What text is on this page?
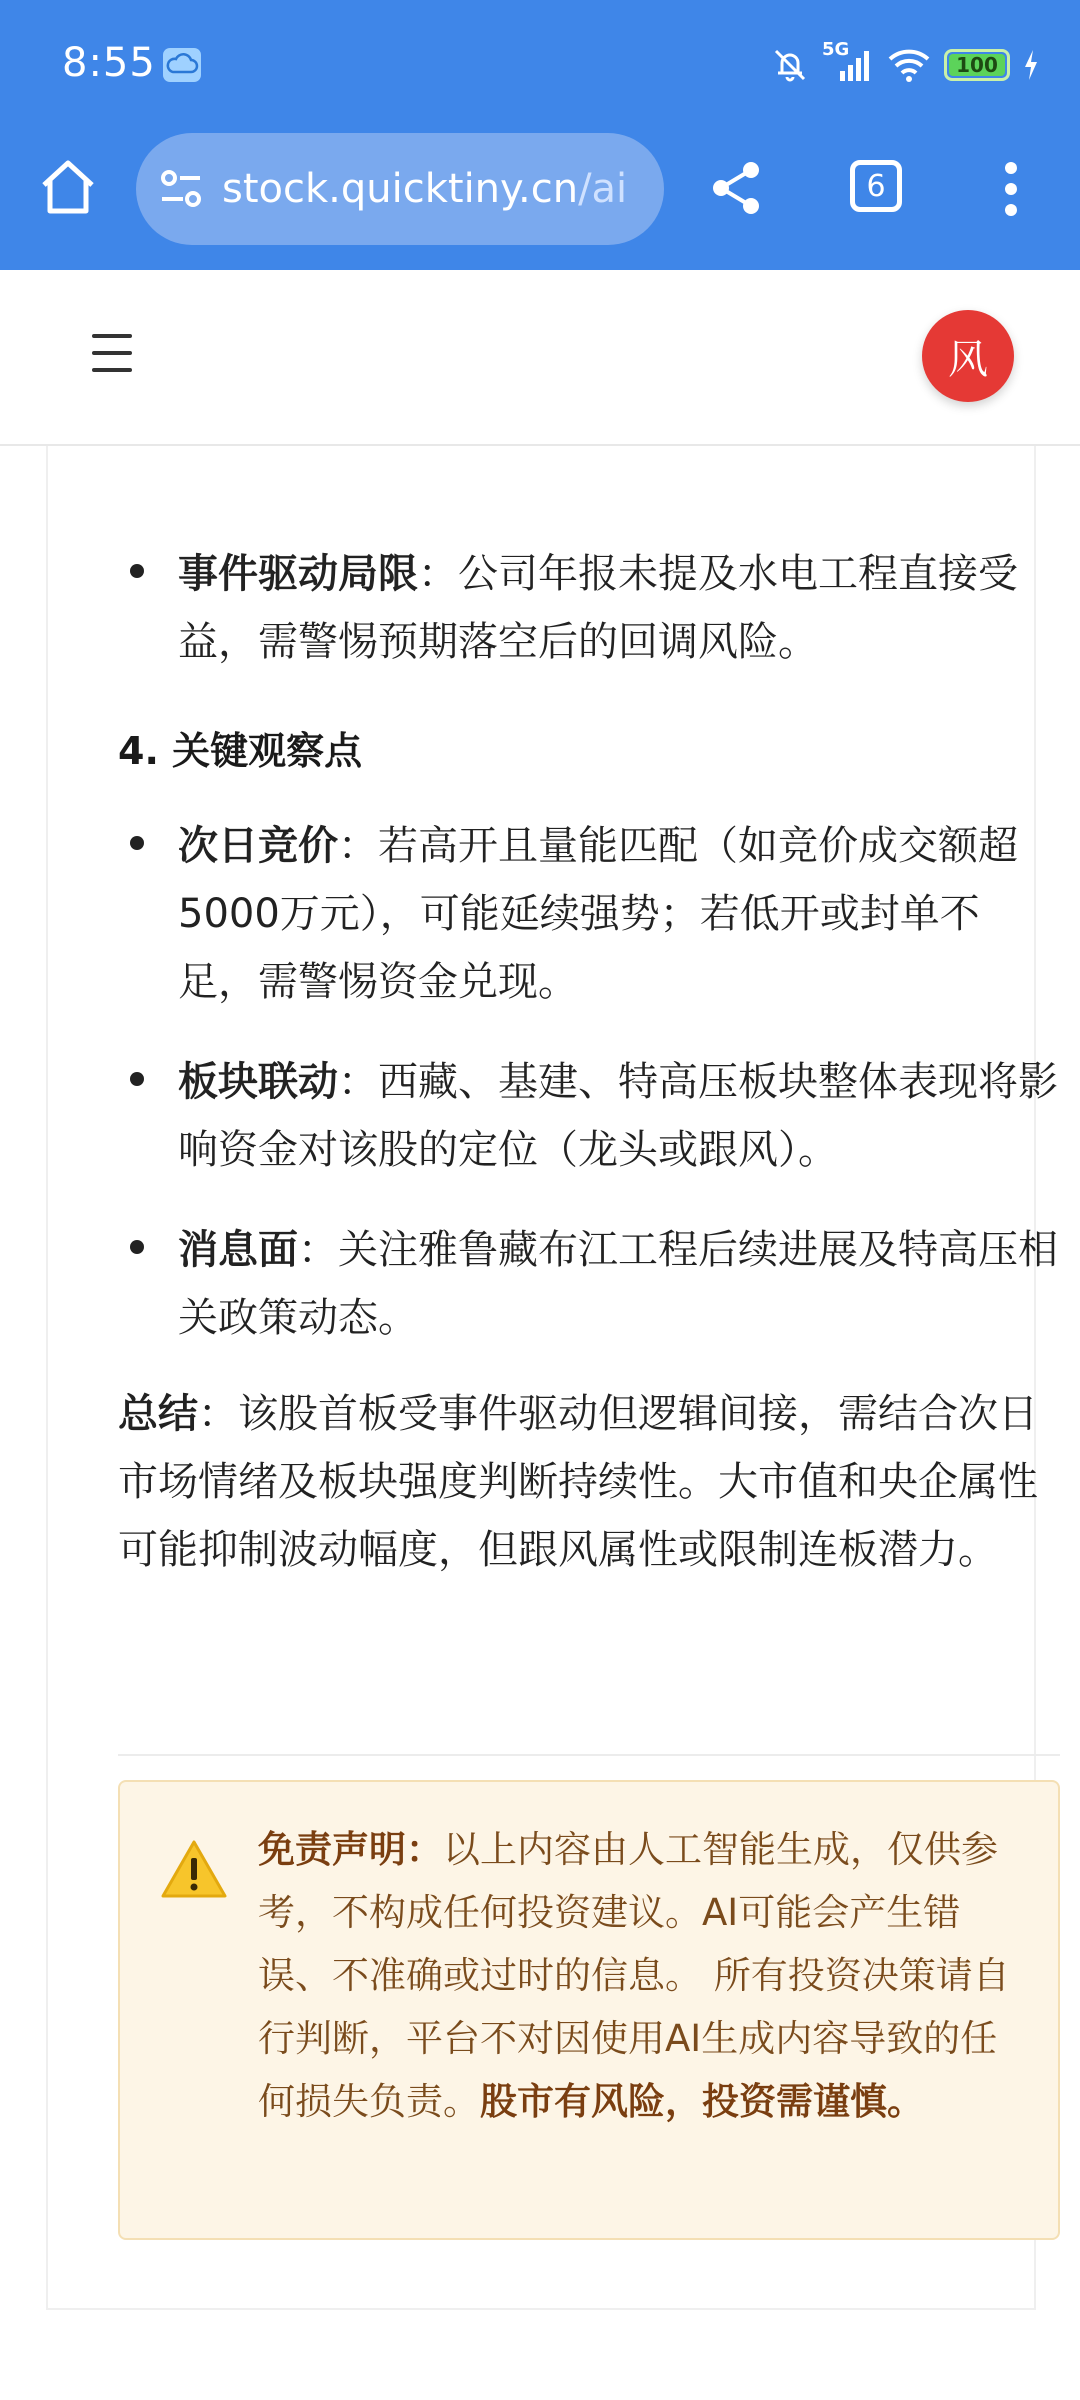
8:55	5G
100
stock.quicktiny.cn/ai	6
风
事件驱动局限：公司年报未提及水电工程直接受益，需警惕预期落空后的回调风险。
4. 关键观察点
次日竞价：若高开且量能匹配（如竞价成交额超5000万元），可能延续强势；若低开或封单不足，需警惕资金兑现。
板块联动：西藏、基建、特高压板块整体表现将影响资金对该股的定位（龙头或跟风）。
消息面：关注雅鲁藏布江工程后续进展及特高压相关政策动态。
总结：该股首板受事件驱动但逻辑间接，需结合次日市场情绪及板块强度判断持续性。大市值和央企属性可能抑制波动幅度，但跟风属性或限制连板潜力。
免责声明：以上内容由人工智能生成，仅供参考，不构成任何投资建议。AI可能会产生错误、不准确或过时的信息。 所有投资决策请自行判断，平台不对因使用AI生成内容导致的任何损失负责。股市有风险，投资需谨慎。
